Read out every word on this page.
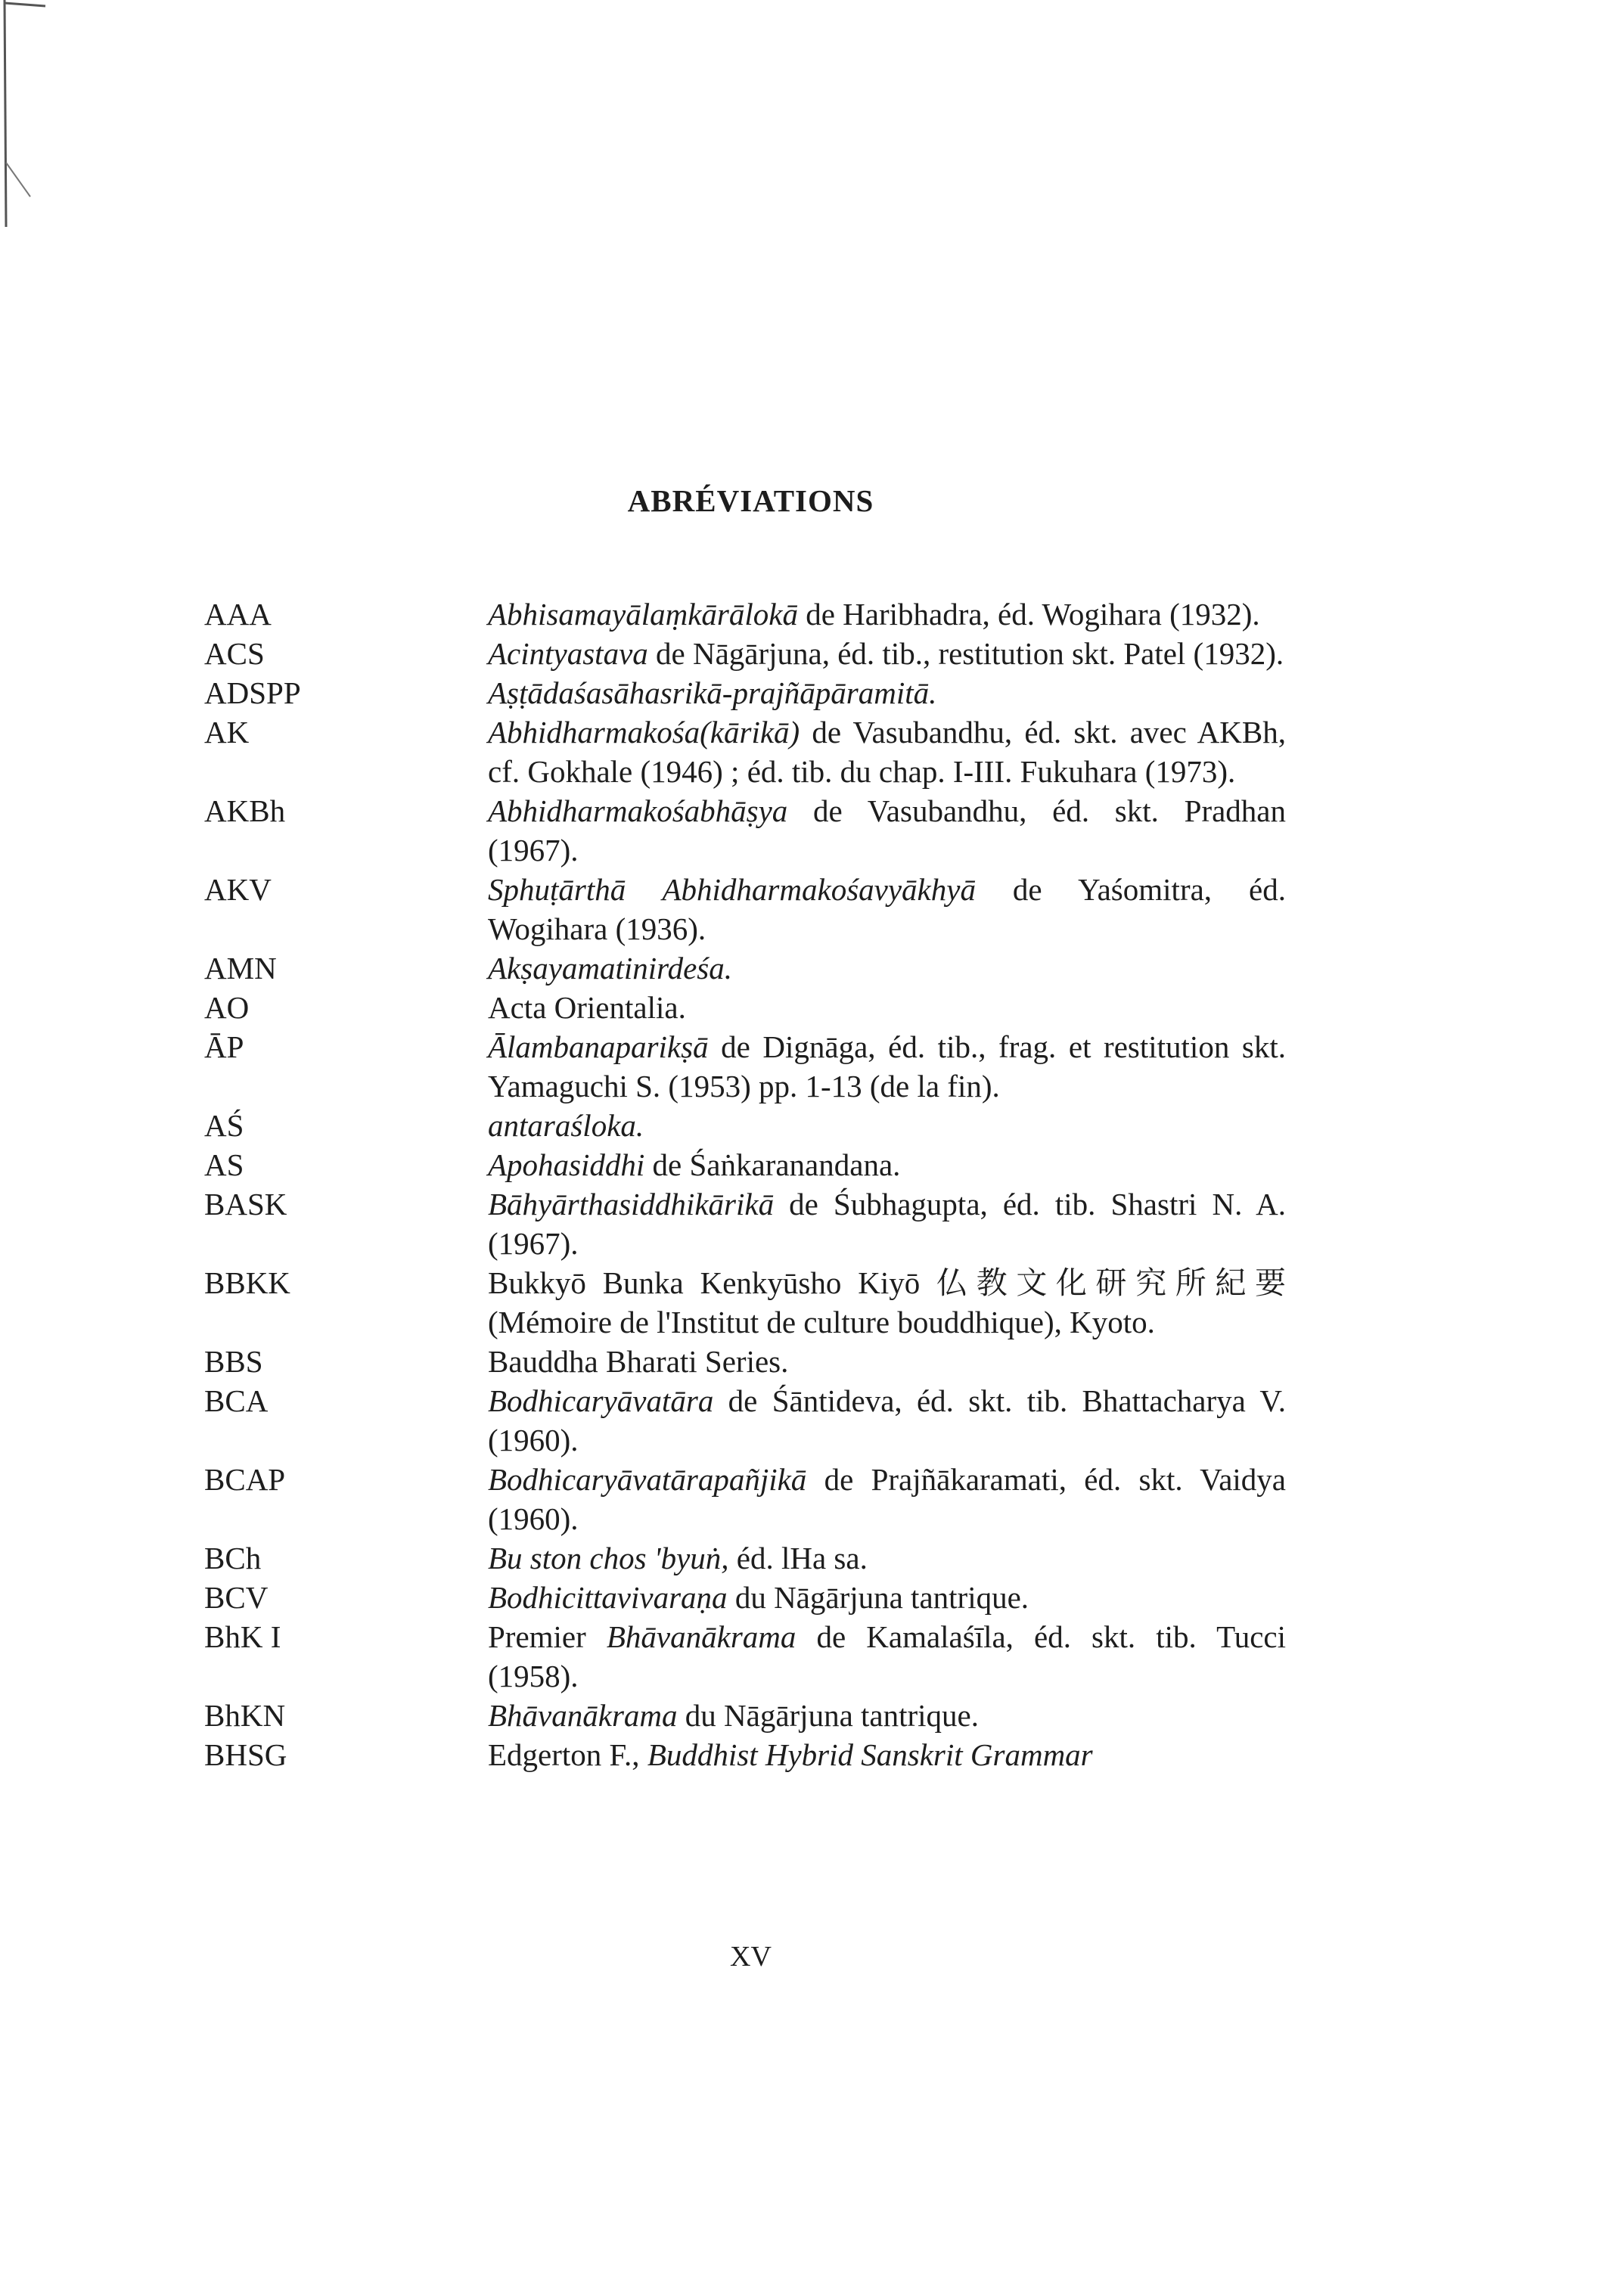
ABRÉVIATIONS
AAA	Abhisamayālaṃkārālokā de Haribhadra, éd. Wogihara (1932).
ACS	Acintyastava de Nāgārjuna, éd. tib., restitution skt. Patel (1932).
ADSPP	Aṣṭādaśasāhasrikā-prajñāpāramitā.
AK	Abhidharmakośa(kārikā) de Vasubandhu, éd. skt. avec AKBh, cf. Gokhale (1946) ; éd. tib. du chap. I-III. Fukuhara (1973).
AKBh	Abhidharmakośabhāṣya de Vasubandhu, éd. skt. Pradhan (1967).
AKV	Sphuṭārthā Abhidharmakośavyākhyā de Yaśomitra, éd. Wogihara (1936).
AMN	Akṣayamatinirdeśa.
AO	Acta Orientalia.
ĀP	Ālambanaparikṣā de Dignāga, éd. tib., frag. et restitution skt. Yamaguchi S. (1953) pp. 1-13 (de la fin).
AŚ	antaraśloka.
AS	Apohasiddhi de Śaṅkaranandana.
BASK	Bāhyārthasiddhikārikā de Śubhagupta, éd. tib. Shastri N. A. (1967).
BBKK	Bukkyō Bunka Kenkyūsho Kiyō 仏教文化研究所紀要 (Mémoire de l'Institut de culture bouddhique), Kyoto.
BBS	Bauddha Bharati Series.
BCA	Bodhicaryāvatāra de Śāntideva, éd. skt. tib. Bhattacharya V. (1960).
BCAP	Bodhicaryāvatārapañjikā de Prajñākaramati, éd. skt. Vaidya (1960).
BCh	Bu ston chos 'byuṅ, éd. lHa sa.
BCV	Bodhicittavivaraṇa du Nāgārjuna tantrique.
BhK I	Premier Bhāvanākrama de Kamalaśīla, éd. skt. tib. Tucci (1958).
BhKN	Bhāvanākrama du Nāgārjuna tantrique.
BHSG	Edgerton F., Buddhist Hybrid Sanskrit Grammar
XV
